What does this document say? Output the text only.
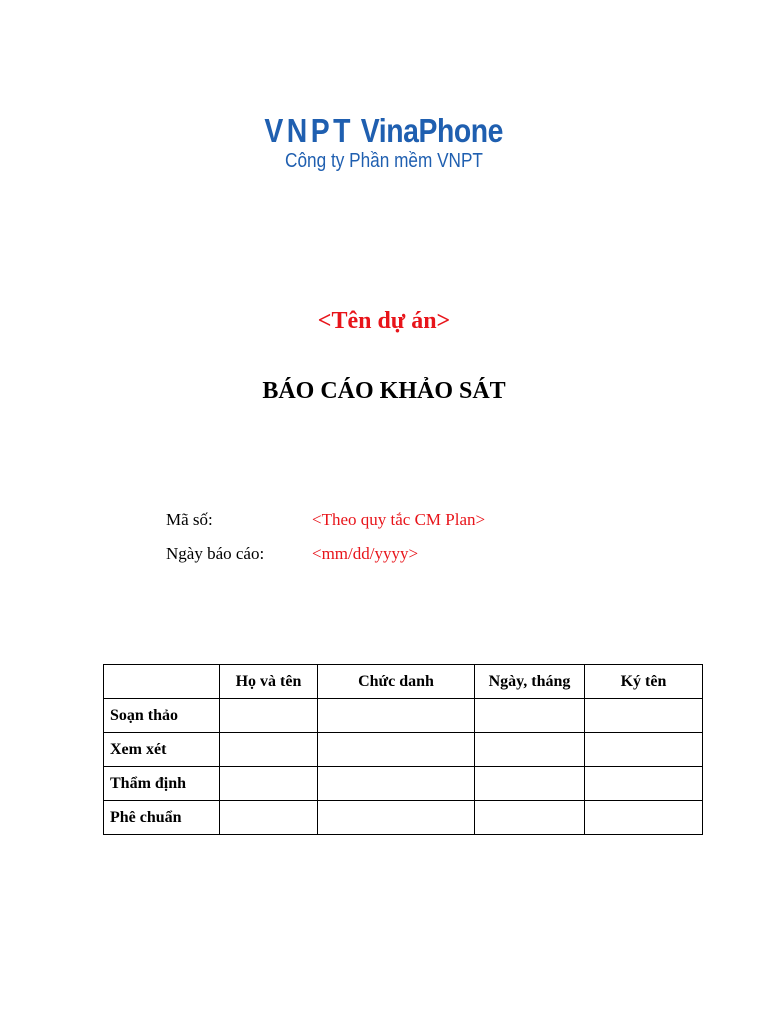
VNPT VinaPhone
Công ty Phần mềm VNPT
<Tên dự án>
BÁO CÁO KHẢO SÁT
Mã số:	<Theo quy tắc CM Plan>
Ngày báo cáo:	<mm/dd/yyyy>
	Họ và tên	Chức danh	Ngày, tháng	Ký tên
Soạn thảo				
Xem xét				
Thẩm định				
Phê chuẩn				
